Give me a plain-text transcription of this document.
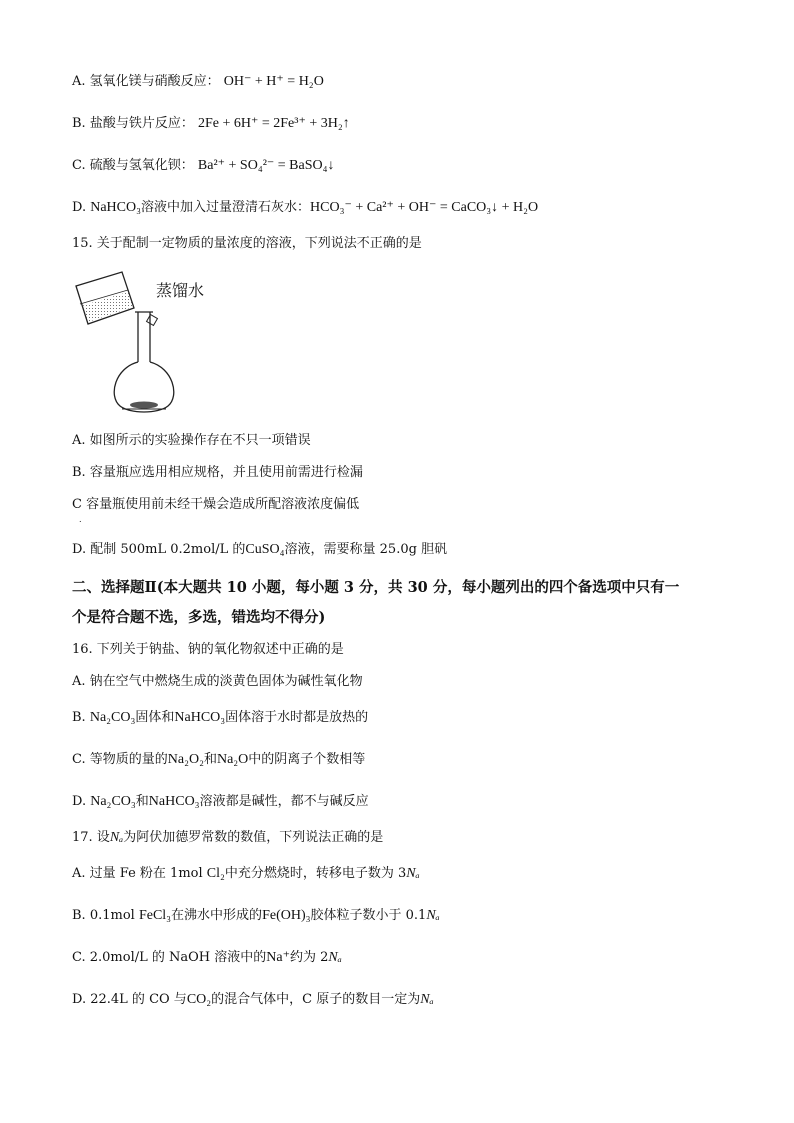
A. 氢氧化镁与硝酸反应： OH⁻ + H⁺ = H₂O
B. 盐酸与铁片反应： 2Fe + 6H⁺ = 2Fe³⁺ + 3H₂↑
C. 硫酸与氢氧化钡： Ba²⁺ + SO₄²⁻ = BaSO₄↓
D. NaHCO₃溶液中加入过量澄清石灰水：HCO₃⁻ + Ca²⁺ + OH⁻ = CaCO₃↓ + H₂O
15. 关于配制一定物质的量浓度的溶液，下列说法不正确的是
蒸馏水
A. 如图所示的实验操作存在不只一项错误
B. 容量瓶应选用相应规格，并且使用前需进行检漏
C 容量瓶使用前未经干燥会造成所配溶液浓度偏低
.
D. 配制 500mL 0.2mol/L 的CuSO₄溶液，需要称量 25.0g 胆矾
二、选择题Ⅱ(本大题共 10 小题，每小题 3 分，共 30 分，每小题列出的四个备选项中只有一
个是符合题不选，多选，错选均不得分)
16. 下列关于钠盐、钠的氧化物叙述中正确的是
A. 钠在空气中燃烧生成的淡黄色固体为碱性氧化物
B. Na₂CO₃固体和NaHCO₃固体溶于水时都是放热的
C. 等物质的量的Na₂O₂和Na₂O中的阴离子个数相等
D. Na₂CO₃和NaHCO₃溶液都是碱性，都不与碱反应
17. 设Nₐ为阿伏加德罗常数的数值，下列说法正确的是
A. 过量 Fe 粉在 1mol Cl₂中充分燃烧时，转移电子数为 3Nₐ
B. 0.1mol FeCl₃在沸水中形成的Fe(OH)₃胶体粒子数小于 0.1Nₐ
C. 2.0mol/L 的 NaOH 溶液中的Na⁺约为 2Nₐ
D. 22.4L 的 CO 与CO₂的混合气体中，C 原子的数目一定为Nₐ
